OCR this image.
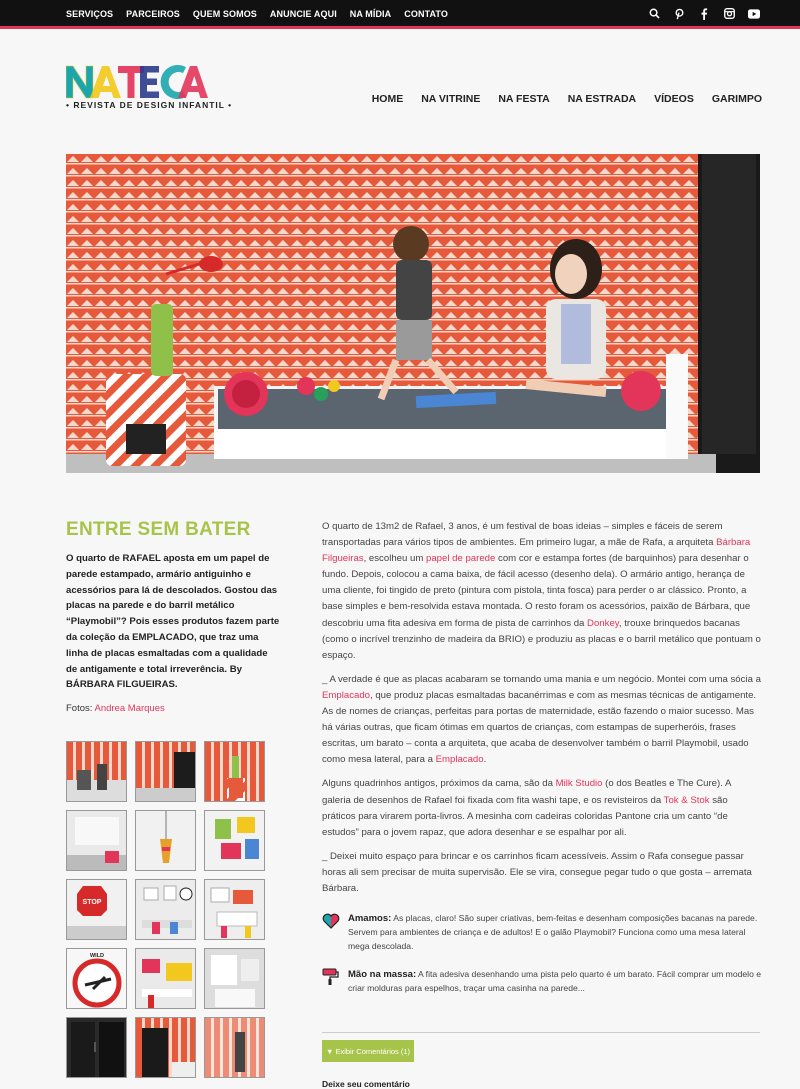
SERVIÇOS PARCEIROS QUEM SOMOS ANUNCIE AQUI NA MÍDIA CONTATO
• REVISTA DE DESIGN INFANTIL •	HOME NA VITRINE NA FESTA NA ESTRADA VÍDEOS GARIMPO
ENTRE SEM BATER

O quarto de RAFAEL aposta em um papel de parede estampado, armário antiguinho e acessórios para lá de descolados. Gostou das placas na parede e do barril metálico “Playmobil”? Pois esses produtos fazem parte da coleção da EMPLACADO, que traz uma linha de placas esmaltadas com a qualidade de antigamente e total irreverência. By BÁRBARA FILGUEIRAS.

Fotos: Andrea Marques

STOP
WILD

O quarto de 13m2 de Rafael, 3 anos, é um festival de boas ideias – simples e fáceis de serem transportadas para vários tipos de ambientes. Em primeiro lugar, a mãe de Rafa, a arquiteta Bárbara Filgueiras, escolheu um papel de parede com cor e estampa fortes (de barquinhos) para desenhar o fundo. Depois, colocou a cama baixa, de fácil acesso (desenho dela). O armário antigo, herança de uma cliente, foi tingido de preto (pintura com pistola, tinta fosca) para perder o ar clássico. Pronto, a base simples e bem-resolvida estava montada. O resto foram os acessórios, paixão de Bárbara, que descobriu uma fita adesiva em forma de pista de carrinhos da Donkey, trouxe brinquedos bacanas (como o incrível trenzinho de madeira da BRIO) e produziu as placas e o barril metálico que pontuam o espaço.

_ A verdade é que as placas acabaram se tornando uma mania e um negócio. Montei com uma sócia a Emplacado, que produz placas esmaltadas bacanérrimas e com as mesmas técnicas de antigamente. As de nomes de crianças, perfeitas para portas de maternidade, estão fazendo o maior sucesso. Mas há várias outras, que ficam ótimas em quartos de crianças, com estampas de superheróis, frases escritas, um barato – conta a arquiteta, que acaba de desenvolver também o barril Playmobil, usado como mesa lateral, para a Emplacado.

Alguns quadrinhos antigos, próximos da cama, são da Milk Studio (o dos Beatles e The Cure). A galeria de desenhos de Rafael foi fixada com fita washi tape, e os revisteiros da Tok & Stok são práticos para virarem porta-livros. A mesinha com cadeiras coloridas Pantone cria um canto “de estudos” para o jovem rapaz, que adora desenhar e se espalhar por ali.

_ Deixei muito espaço para brincar e os carrinhos ficam acessíveis. Assim o Rafa consegue passar horas ali sem precisar de muita supervisão. Ele se vira, consegue pegar tudo o que gosta – arremata Bárbara.

Amamos: As placas, claro! São super criativas, bem-feitas e desenham composições bacanas na parede. Servem para ambientes de criança e de adultos! E o galão Playmobil? Funciona como uma mesa lateral mega descolada.
Mão na massa: A fita adesiva desenhando uma pista pelo quarto é um barato. Fácil comprar um modelo e criar molduras para espelhos, traçar uma casinha na parede...
▼ Exibir Comentários (1)
Deixe seu comentário
